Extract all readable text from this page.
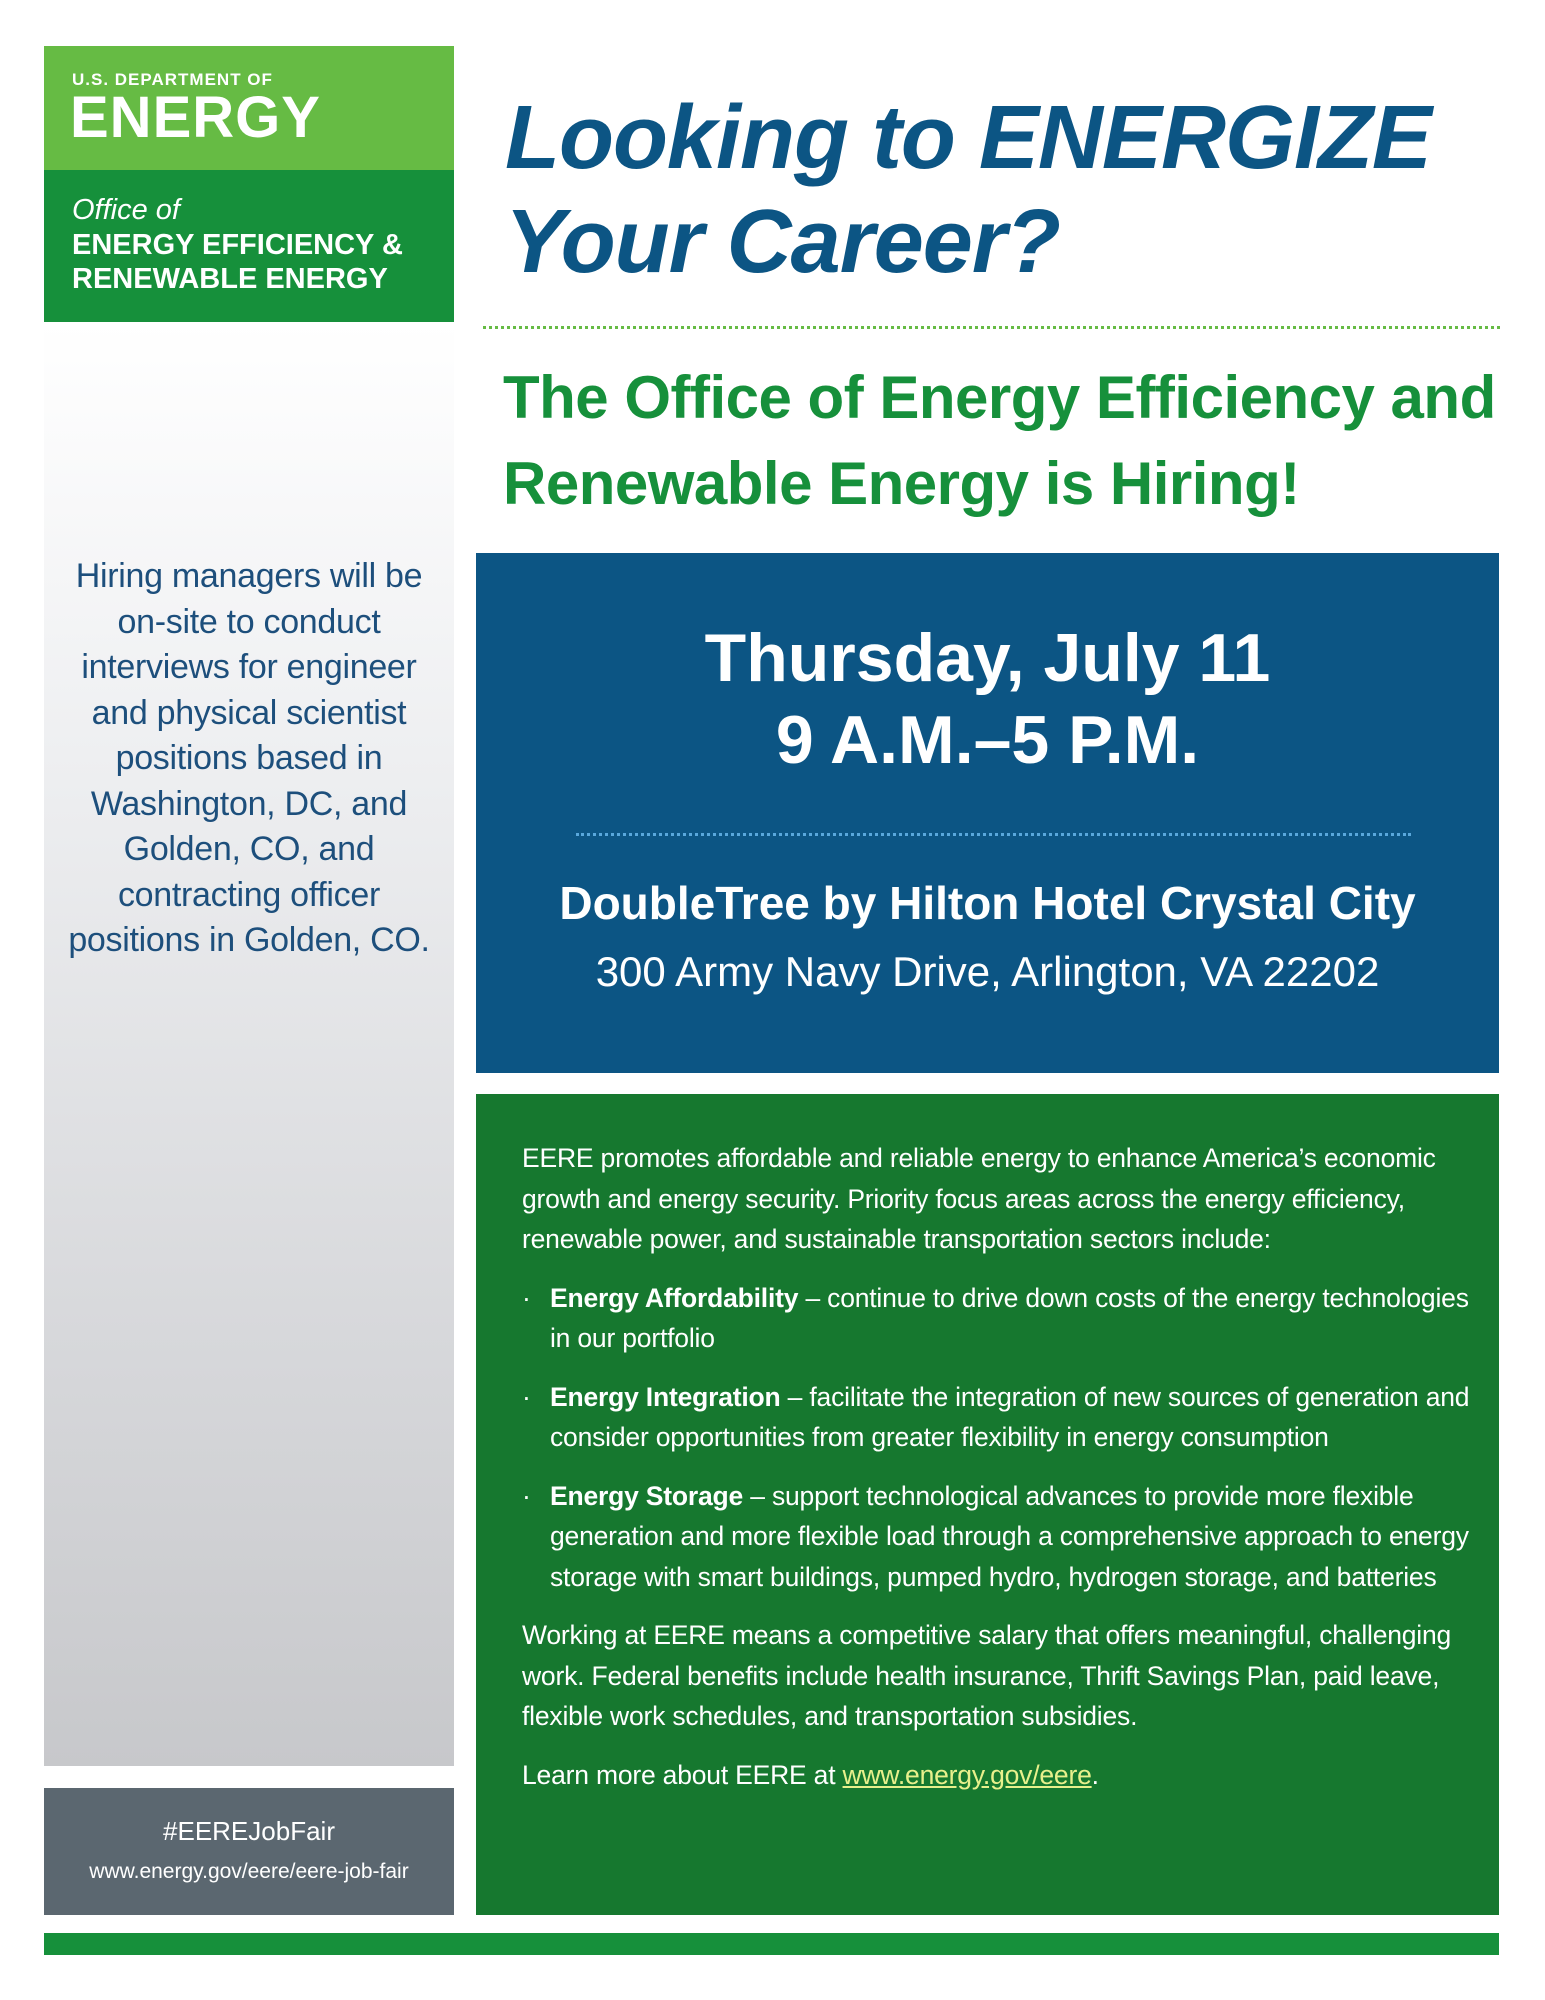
U.S. DEPARTMENT OF
ENERGY
Office of
ENERGY EFFICIENCY & RENEWABLE ENERGY
Hiring managers will be on-site to conduct interviews for engineer and physical scientist positions based in Washington, DC, and Golden, CO, and contracting officer positions in Golden, CO.
#EEREJobFair
www.energy.gov/eere/eere-job-fair
Looking to ENERGIZE Your Career?
The Office of Energy Efficiency and Renewable Energy is Hiring!
Thursday, July 11
9 A.M.–5 P.M.
DoubleTree by Hilton Hotel Crystal City
300 Army Navy Drive, Arlington, VA 22202

EERE promotes affordable and reliable energy to enhance America’s economic growth and energy security. Priority focus areas across the energy efficiency, renewable power, and sustainable transportation sectors include:

· Energy Affordability – continue to drive down costs of the energy technologies in our portfolio
· Energy Integration – facilitate the integration of new sources of generation and consider opportunities from greater flexibility in energy consumption
· Energy Storage – support technological advances to provide more flexible generation and more flexible load through a comprehensive approach to energy storage with smart buildings, pumped hydro, hydrogen storage, and batteries

Working at EERE means a competitive salary that offers meaningful, challenging work. Federal benefits include health insurance, Thrift Savings Plan, paid leave, flexible work schedules, and transportation subsidies.

Learn more about EERE at www.energy.gov/eere.
